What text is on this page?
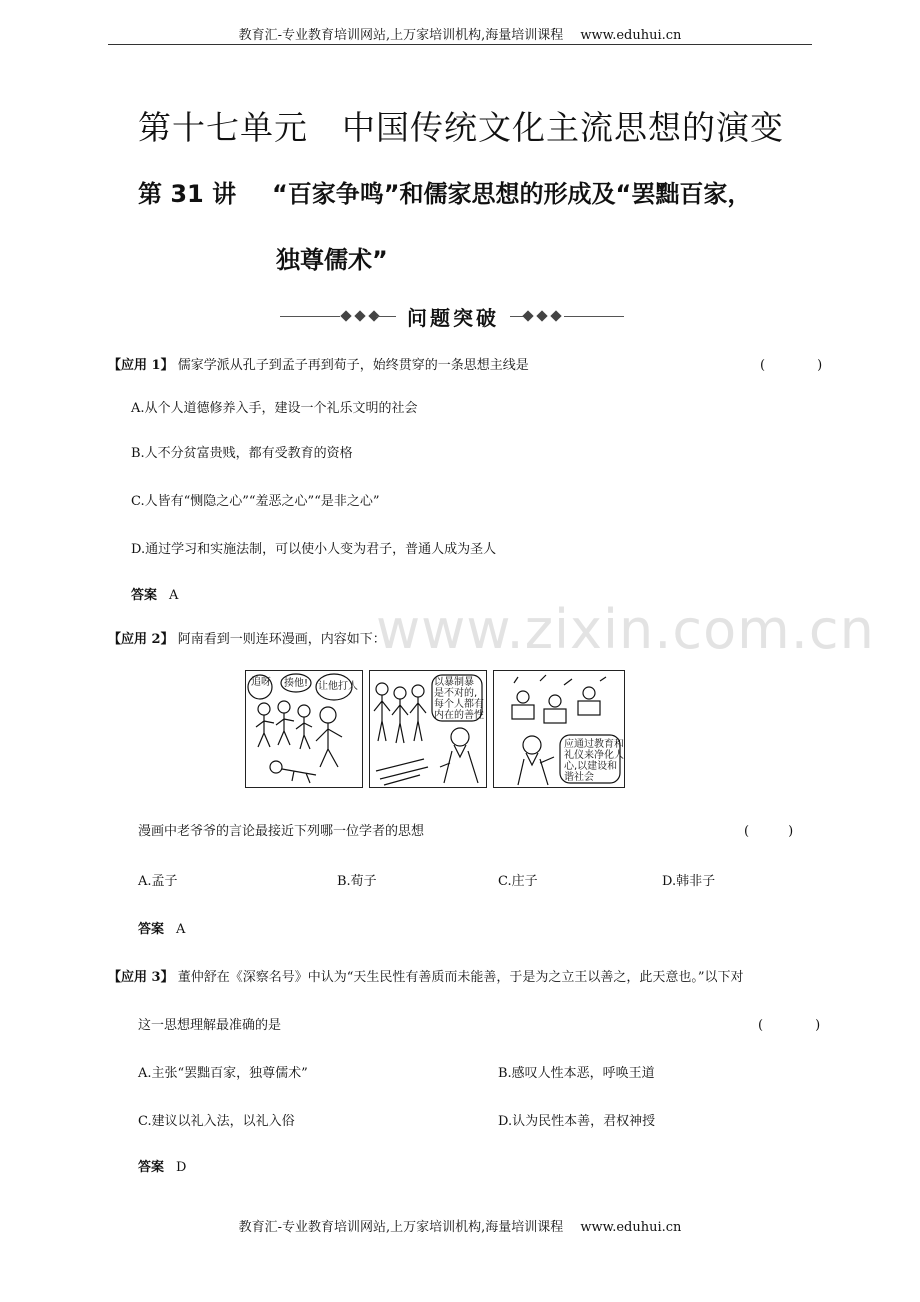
教育汇-专业教育培训网站,上万家培训机构,海量培训课程　 www.eduhui.cn
第十七单元　中国传统文化主流思想的演变
第 31 讲 “百家争鸣”和儒家思想的形成及“罢黜百家，
独尊儒术”
问题突破
www.zixin.com.cn
【应用 1】 儒家学派从孔子到孟子再到荀子，始终贯穿的一条思想主线是	(　　　　)
A.从个人道德修养入手，建设一个礼乐文明的社会
B.人不分贫富贵贱，都有受教育的资格
C.人皆有“恻隐之心”“羞恶之心”“是非之心”
D.通过学习和实施法制，可以使小人变为君子，普通人成为圣人
答案 A
【应用 2】 阿南看到一则连环漫画，内容如下：
追呀 揍他! 让他打人	以暴制暴 是不对的, 每个人都有 内在的善性
应通过教育和 礼仪来净化人 心,以建设和 谐社会
漫画中老爷爷的言论最接近下列哪一位学者的思想	(　　　)
A.孟子	B.荀子	C.庄子	D.韩非子
答案 A
【应用 3】 董仲舒在《深察名号》中认为“天生民性有善质而未能善，于是为之立王以善之，此天意也。”以下对
这一思想理解最准确的是	(　　　　)
A.主张“罢黜百家，独尊儒术”	B.感叹人性本恶，呼唤王道
C.建议以礼入法，以礼入俗	D.认为民性本善，君权神授
答案 D
教育汇-专业教育培训网站,上万家培训机构,海量培训课程　 www.eduhui.cn
